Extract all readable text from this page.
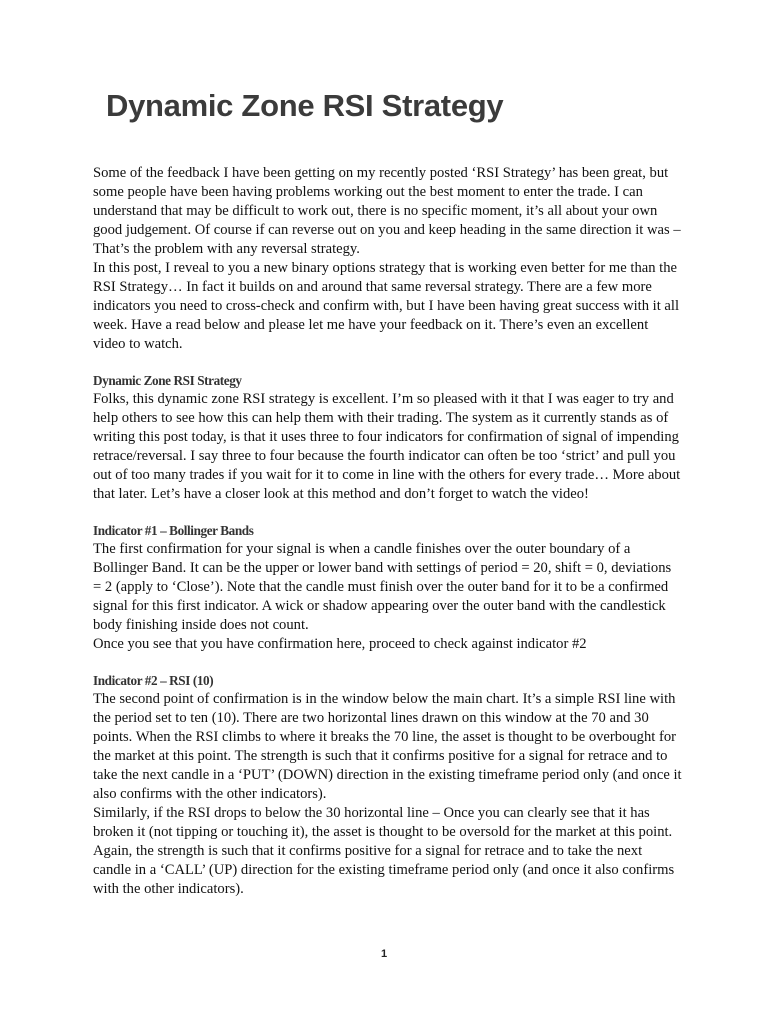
Dynamic Zone RSI Strategy

Some of the feedback I have been getting on my recently posted ‘RSI Strategy’ has been great, but some people have been having problems working out the best moment to enter the trade. I can understand that may be difficult to work out, there is no specific moment, it’s all about your own good judgement. Of course if can reverse out on you and keep heading in the same direction it was – That’s the problem with any reversal strategy.

In this post, I reveal to you a new binary options strategy that is working even better for me than the RSI Strategy… In fact it builds on and around that same reversal strategy. There are a few more indicators you need to cross-check and confirm with, but I have been having great success with it all week. Have a read below and please let me have your feedback on it. There’s even an excellent video to watch.

Dynamic Zone RSI Strategy

Folks, this dynamic zone RSI strategy is excellent. I’m so pleased with it that I was eager to try and help others to see how this can help them with their trading. The system as it currently stands as of writing this post today, is that it uses three to four indicators for confirmation of signal of impending retrace/reversal. I say three to four because the fourth indicator can often be too ‘strict’ and pull you out of too many trades if you wait for it to come in line with the others for every trade… More about that later. Let’s have a closer look at this method and don’t forget to watch the video!

Indicator #1 – Bollinger Bands

The first confirmation for your signal is when a candle finishes over the outer boundary of a Bollinger Band. It can be the upper or lower band with settings of period = 20, shift = 0, deviations = 2 (apply to ‘Close’). Note that the candle must finish over the outer band for it to be a confirmed signal for this first indicator. A wick or shadow appearing over the outer band with the candlestick body finishing inside does not count.

Once you see that you have confirmation here, proceed to check against indicator #2

Indicator #2 – RSI (10)

The second point of confirmation is in the window below the main chart. It’s a simple RSI line with the period set to ten (10). There are two horizontal lines drawn on this window at the 70 and 30 points. When the RSI climbs to where it breaks the 70 line, the asset is thought to be overbought for the market at this point. The strength is such that it confirms positive for a signal for retrace and to take the next candle in a ‘PUT’ (DOWN) direction in the existing timeframe period only (and once it also confirms with the other indicators).

Similarly, if the RSI drops to below the 30 horizontal line – Once you can clearly see that it has broken it (not tipping or touching it), the asset is thought to be oversold for the market at this point. Again, the strength is such that it confirms positive for a signal for retrace and to take the next candle in a ‘CALL’ (UP) direction for the existing timeframe period only (and once it also confirms with the other indicators).

1
